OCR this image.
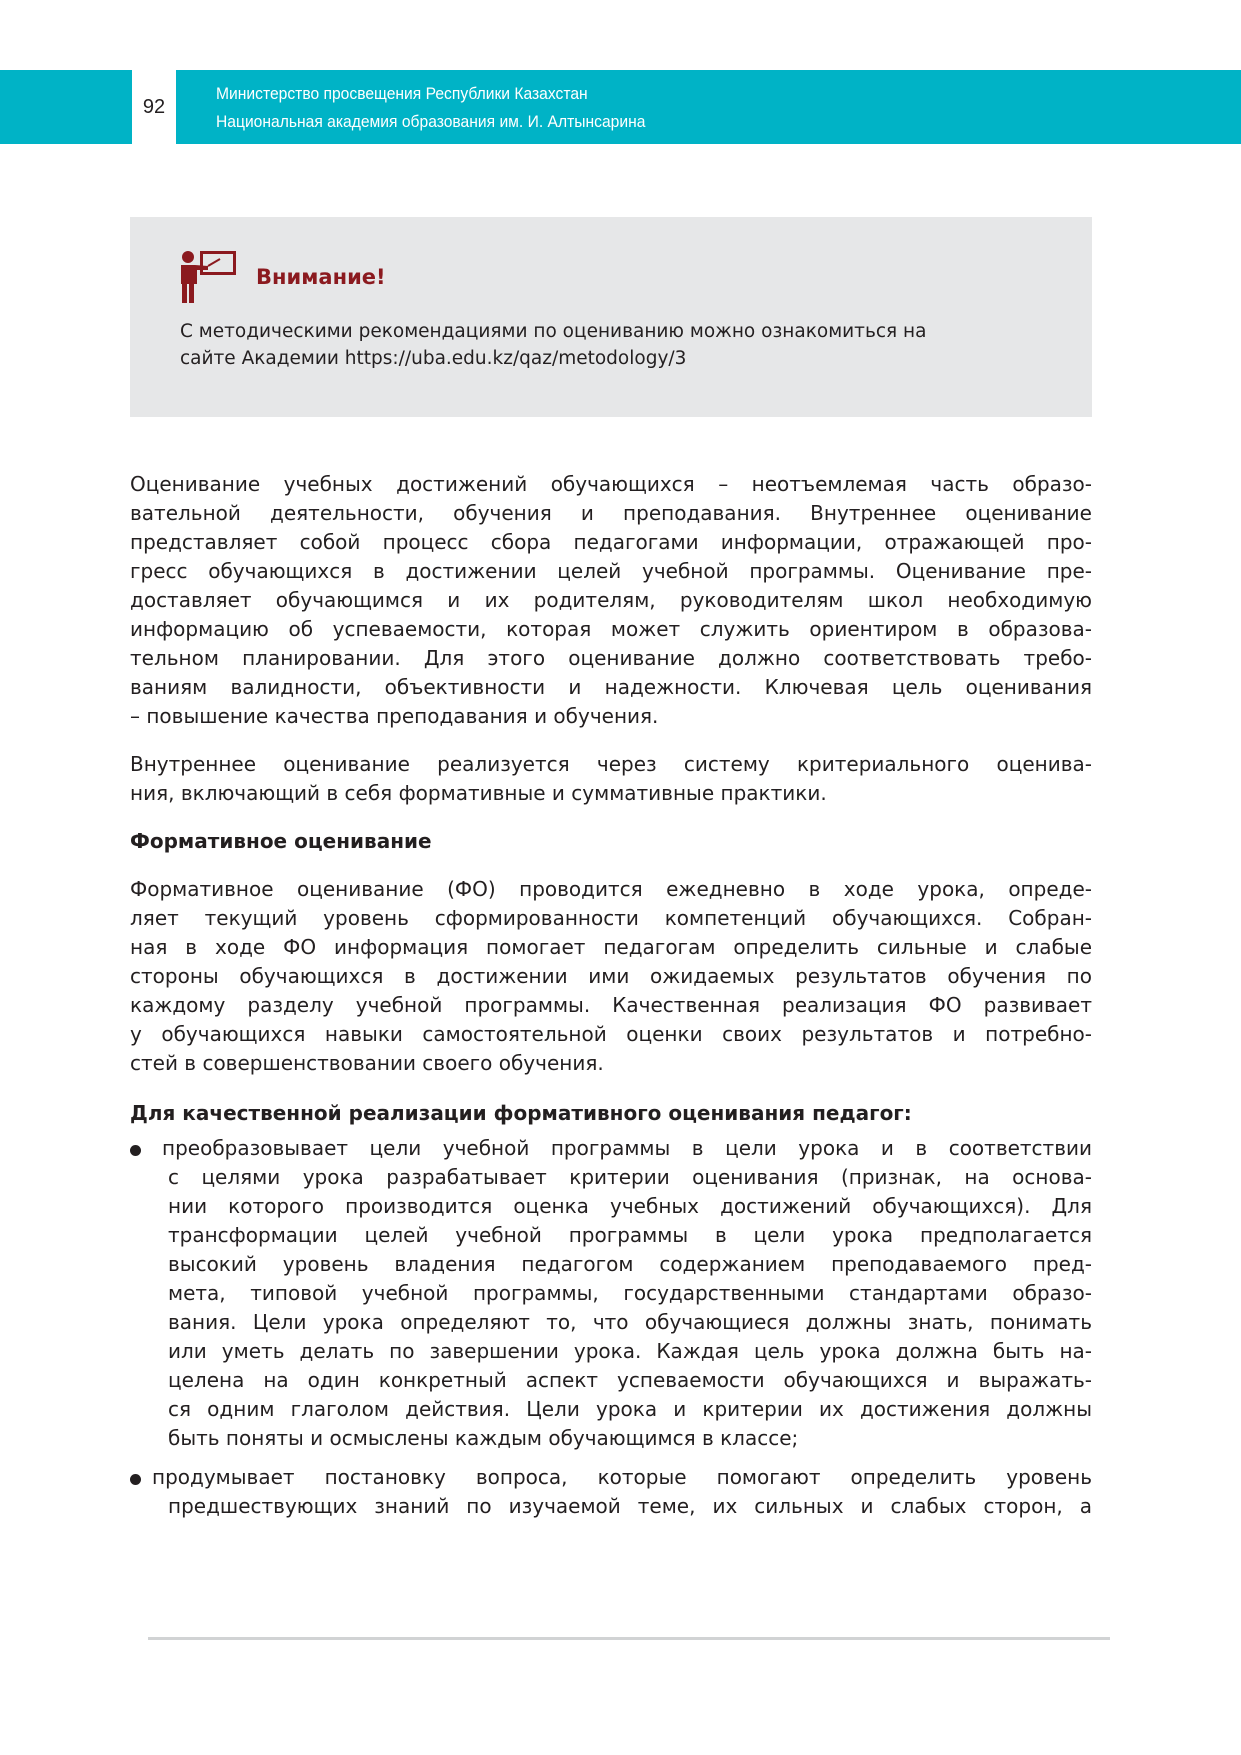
92
Министерство просвещения Республики Казахстан
Национальная академия образования им. И. Алтынсарина
Внимание!
С методическими рекомендациями по оцениванию можно ознакомиться на
сайте Академии https://uba.edu.kz/qaz/metodology/3
Оценивание учебных достижений обучающихся – неотъемлемая часть образо-
вательной деятельности, обучения и преподавания. Внутреннее оценивание
представляет собой процесс сбора педагогами информации, отражающей про-
гресс обучающихся в достижении целей учебной программы. Оценивание пре-
доставляет обучающимся и их родителям, руководителям школ необходимую
информацию об успеваемости, которая может служить ориентиром в образова-
тельном планировании. Для этого оценивание должно соответствовать требо-
ваниям валидности, объективности и надежности. Ключевая цель оценивания
– повышение качества преподавания и обучения.
Внутреннее оценивание реализуется через систему критериального оценива-
ния, включающий в себя формативные и суммативные практики.
Формативное оценивание
Формативное оценивание (ФО) проводится ежедневно в ходе урока, опреде-
ляет текущий уровень сформированности компетенций обучающихся. Собран-
ная в ходе ФО информация помогает педагогам определить сильные и слабые
стороны обучающихся в достижении ими ожидаемых результатов обучения по
каждому разделу учебной программы. Качественная реализация ФО развивает
у обучающихся навыки самостоятельной оценки своих результатов и потребно-
стей в совершенствовании своего обучения.
Для качественной реализации формативного оценивания педагог:
преобразовывает цели учебной программы в цели урока и в соответствии
с целями урока разрабатывает критерии оценивания (признак, на основа-
нии которого производится оценка учебных достижений обучающихся). Для
трансформации целей учебной программы в цели урока предполагается
высокий уровень владения педагогом содержанием преподаваемого пред-
мета, типовой учебной программы, государственными стандартами образо-
вания. Цели урока определяют то, что обучающиеся должны знать, понимать
или уметь делать по завершении урока. Каждая цель урока должна быть на-
целена на один конкретный аспект успеваемости обучающихся и выражать-
ся одним глаголом действия. Цели урока и критерии их достижения должны
быть поняты и осмыслены каждым обучающимся в классе;
продумывает постановку вопроса, которые помогают определить уровень
предшествующих знаний по изучаемой теме, их сильных и слабых сторон, а
